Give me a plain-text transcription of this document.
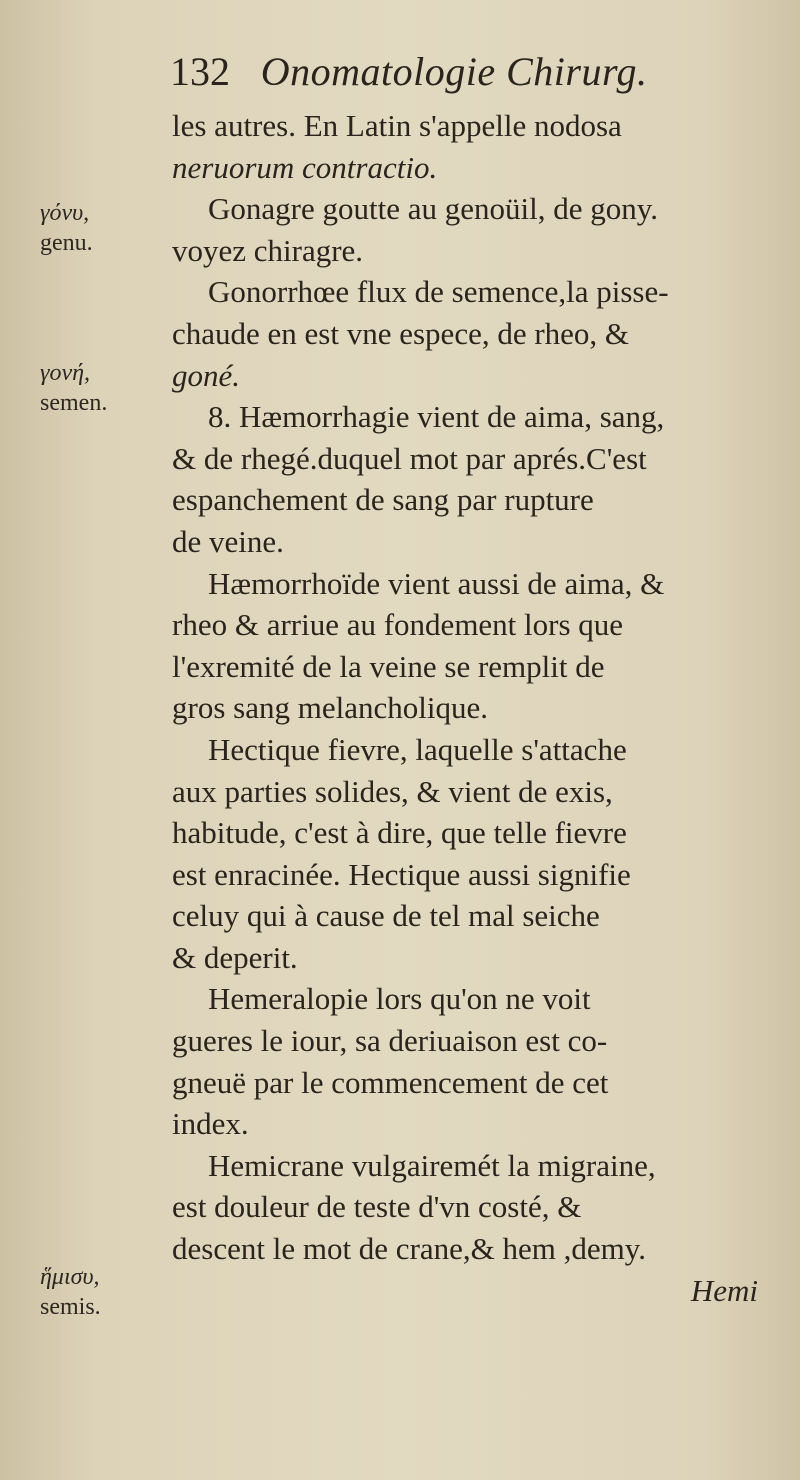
132 Onomatologie Chirurg.
γόνυ,
genu.
γονή,
semen.
ἥμισυ,
semis.
les autres. En Latin s'appelle nodosa
neruorum contractio.
Gonagre goutte au genoüil, de gony.
voyez chiragre.
Gonorrhœe flux de semence,la pisse-
chaude en est vne espece, de rheo, &
goné.
8. Hæmorrhagie vient de aima, sang,
& de rhegé.duquel mot par aprés.C'est
espanchement de sang par rupture
de veine.
Hæmorrhoïde vient aussi de aima, &
rheo & arriue au fondement lors que
l'exremité de la veine se remplit de
gros sang melancholique.
Hectique fievre, laquelle s'attache
aux parties solides, & vient de exis,
habitude, c'est à dire, que telle fievre
est enracinée. Hectique aussi signifie
celuy qui à cause de tel mal seiche
& deperit.
Hemeralopie lors qu'on ne voit
gueres le iour, sa deriuaison est co-
gneuë par le commencement de cet
index.
Hemicrane vulgairemét la migraine,
est douleur de teste d'vn costé, &
descent le mot de crane,& hem ,demy.
Hemi
